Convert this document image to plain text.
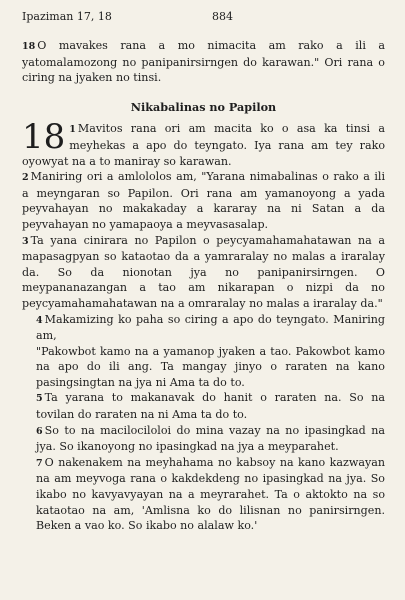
Ipaziman 17, 18	884

18 O mavakes rana a mo nimacita am rako a ili a yatomalamozong no panipanirsirngen do karawan." Ori rana o ciring na jyaken no tinsi.

Nikabalinas no Papilon

18 1 Mavitos rana ori am macita ko o asa ka tinsi a meyhekas a apo do teyngato. Iya rana am tey rako oyowyat na a to maniray so karawan.

2 Maniring ori a amlololos am, "Yarana nimabalinas o rako a ili a meyngaran so Papilon. Ori rana am yamanoyong a yada peyvahayan no makakaday a kararay na ni Satan a da peyvahayan no yamapaoya a meyvasasalap.

3 Ta yana cinirara no Papilon o peycyamahamahatawan na a mapasagpyan so kataotao da a yamraralay no malas a iraralay da. So da nionotan jya no panipanirsirngen. O meypananazangan a tao am nikarapan o nizpi da no peycyamahamahatawan na a omraralay no malas a iraralay da."

4 Makamizing ko paha so ciring a apo do teyngato. Maniring am,

"Pakowbot kamo na a yamanop jyaken a tao. Pakowbot kamo na apo do ili ang. Ta mangay jinyo o raraten na kano pasingsingtan na jya ni Ama ta do to.

5 Ta yarana to makanavak do hanit o raraten na. So na tovilan do raraten na ni Ama ta do to.

6 So to na macilociloloi do mina vazay na no ipasingkad na jya. So ikanoyong no ipasingkad na jya a meyparahet.

7 O nakenakem na meyhahama no kabsoy na kano kazwayan na am meyvoga rana o kakdekdeng no ipasingkad na jya. So ikabo no kavyavyayan na a meyrarahet. Ta o aktokto na so kataotao na am, 'Amlisna ko do lilisnan no panirsirngen. Beken a vao ko. So ikabo no alalaw ko.'
